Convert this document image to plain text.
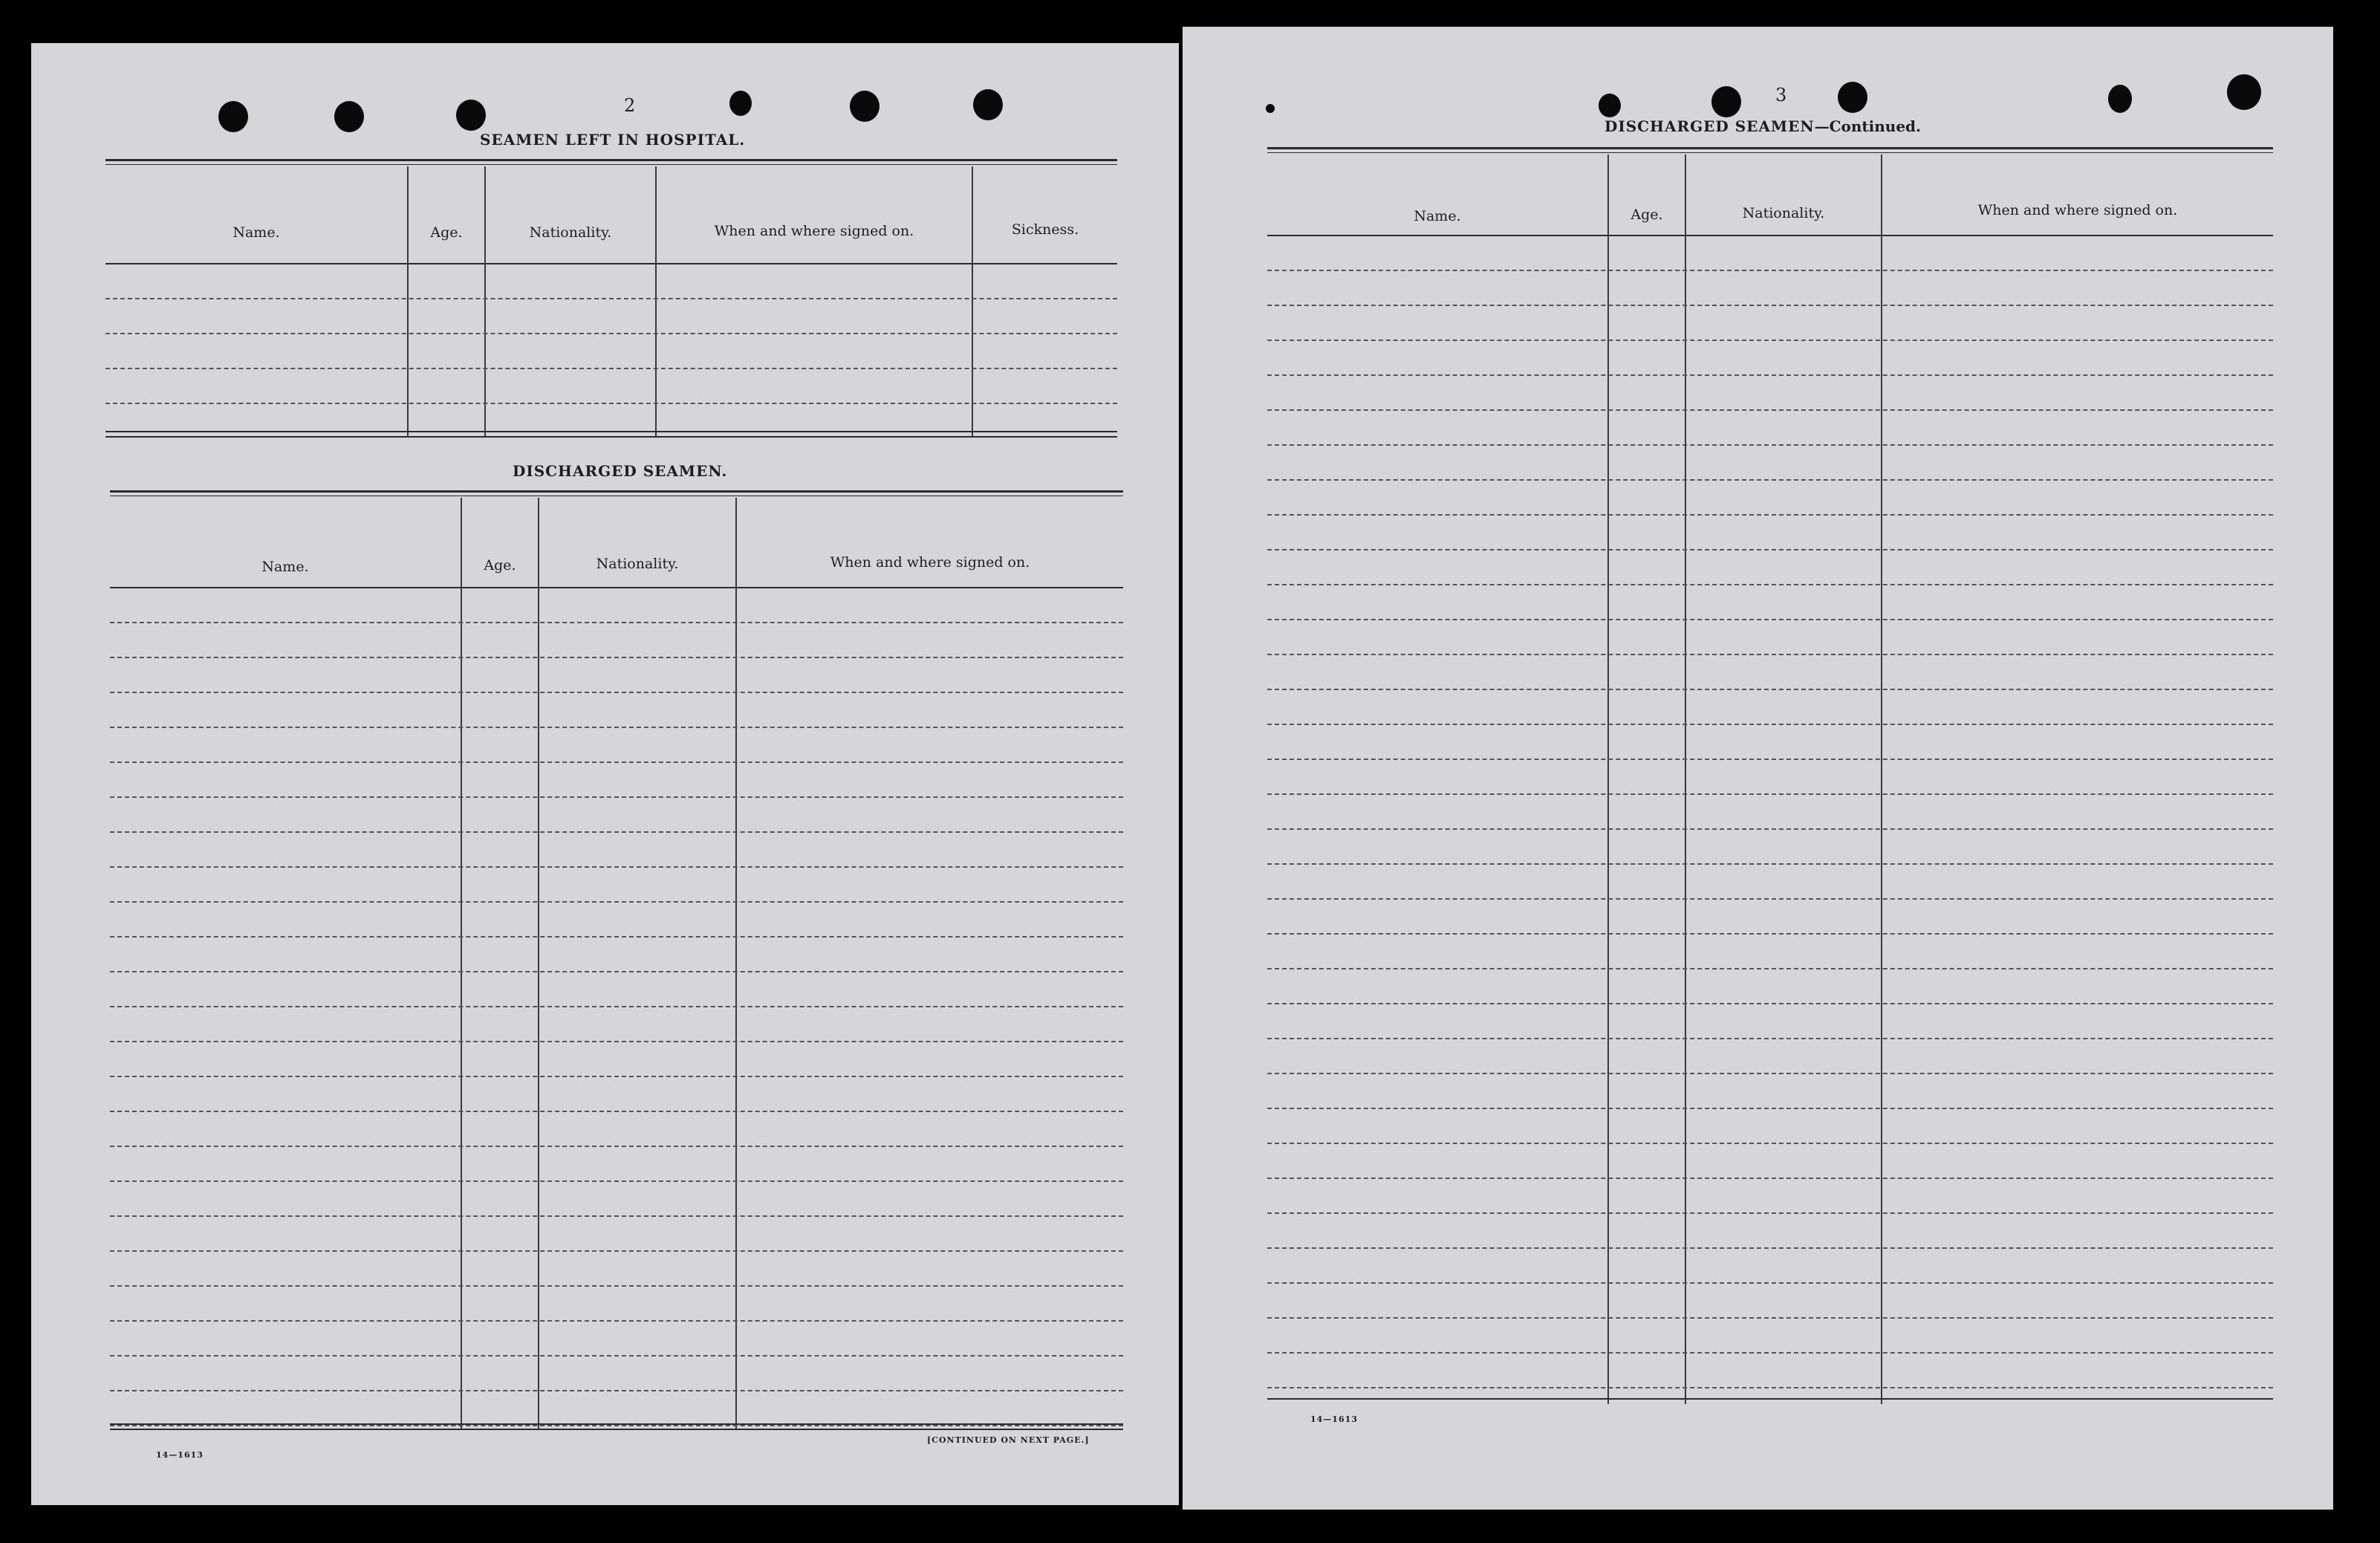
2
SEAMEN LEFT IN HOSPITAL.
Name.	Age.	Nationality.	When and where signed on.	Sickness.
DISCHARGED SEAMEN.
Name.	Age.	Nationality.	When and where signed on.
14—1613
[CONTINUED ON NEXT PAGE.]
3
DISCHARGED SEAMEN—Continued.
Name.	Age.	Nationality.	When and where signed on.
14—1613
